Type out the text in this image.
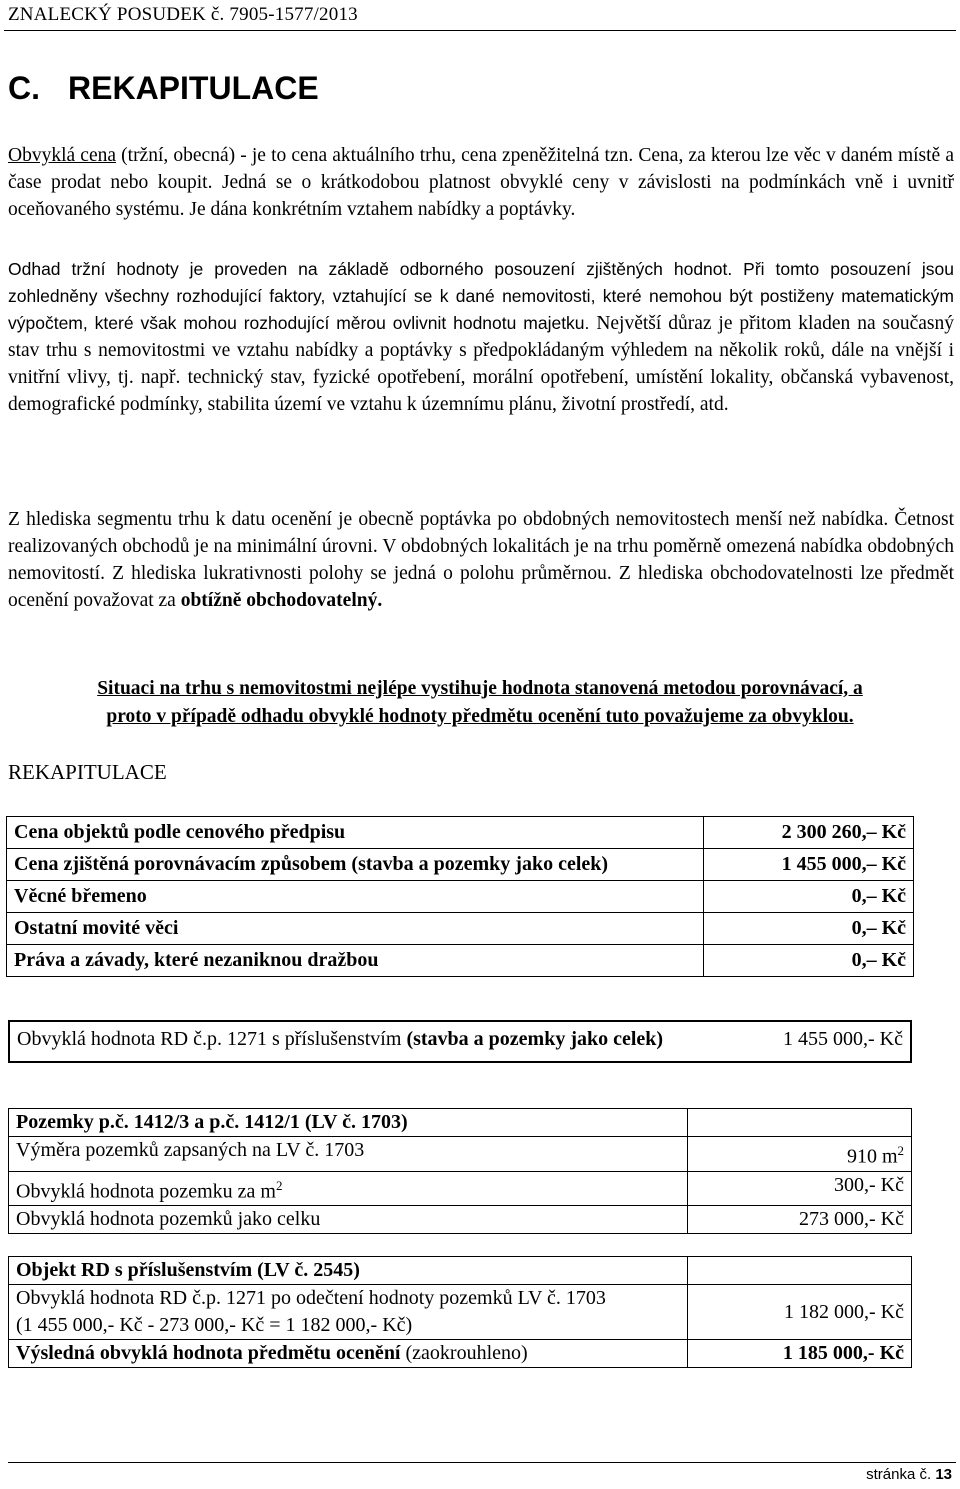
ZNALECKÝ POSUDEK č. 7905-1577/2013
C. REKAPITULACE
Obvyklá cena (tržní, obecná) - je to cena aktuálního trhu, cena zpeněžitelná tzn. Cena, za kterou lze věc v daném místě a čase prodat nebo koupit. Jedná se o krátkodobou platnost obvyklé ceny v závislosti na podmínkách vně i uvnitř oceňovaného systému. Je dána konkrétním vztahem nabídky a poptávky.
Odhad tržní hodnoty je proveden na základě odborného posouzení zjištěných hodnot. Při tomto posouzení jsou zohledněny všechny rozhodující faktory, vztahující se k dané nemovitosti, které nemohou být postiženy matematickým výpočtem, které však mohou rozhodující měrou ovlivnit hodnotu majetku. Největší důraz je přitom kladen na současný stav trhu s nemovitostmi ve vztahu nabídky a poptávky s předpokládaným výhledem na několik roků, dále na vnější i vnitřní vlivy, tj. např. technický stav, fyzické opotřebení, morální opotřebení, umístění lokality, občanská vybavenost, demografické podmínky, stabilita území ve vztahu k územnímu plánu, životní prostředí, atd.
Z hlediska segmentu trhu k datu ocenění je obecně poptávka po obdobných nemovitostech menší než nabídka. Četnost realizovaných obchodů je na minimální úrovni. V obdobných lokalitách je na trhu poměrně omezená nabídka obdobných nemovitostí. Z hlediska lukrativnosti polohy se jedná o polohu průměrnou. Z hlediska obchodovatelnosti lze předmět ocenění považovat za obtížně obchodovatelný.
Situaci na trhu s nemovitostmi nejlépe vystihuje hodnota stanovená metodou porovnávací, a
proto v případě odhadu obvyklé hodnoty předmětu ocenění tuto považujeme za obvyklou.
REKAPITULACE
Cena objektů podle cenového předpisu	2 300 260,– Kč
Cena zjištěná porovnávacím způsobem (stavba a pozemky jako celek)	1 455 000,– Kč
Věcné břemeno	0,– Kč
Ostatní movité věci	0,– Kč
Práva a závady, které nezaniknou dražbou	0,– Kč
Obvyklá hodnota RD č.p. 1271 s příslušenstvím (stavba a pozemky jako celek)	1 455 000,- Kč
Pozemky p.č. 1412/3 a p.č. 1412/1 (LV č. 1703)	
Výměra pozemků zapsaných na LV č. 1703	910 $m^2$
Obvyklá hodnota pozemku za $m^2$	300,- Kč
Obvyklá hodnota pozemků jako celku	273 000,- Kč
Objekt RD s příslušenstvím (LV č. 2545)	

Obvyklá hodnota RD č.p. 1271 po odečtení hodnoty pozemků LV č. 1703
(1 455 000,- Kč - 273 000,- Kč = 1 182 000,- Kč)	1 182 000,- Kč
Výsledná obvyklá hodnota předmětu ocenění (zaokrouhleno)	1 185 000,- Kč
stránka č. 13
